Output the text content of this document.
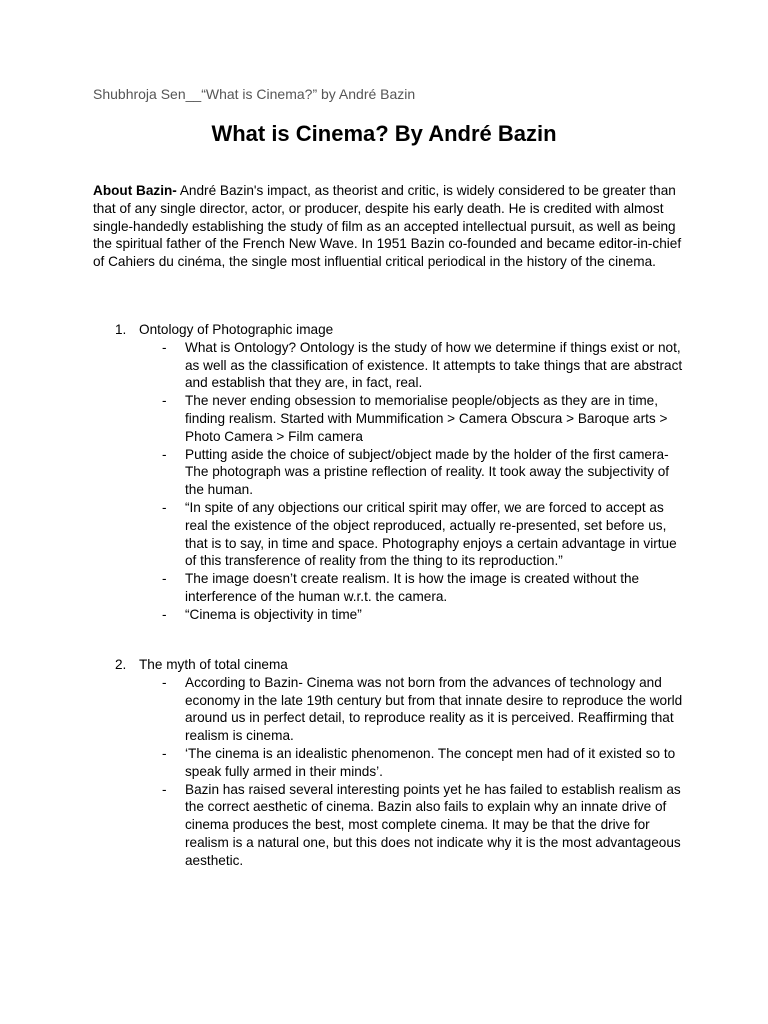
Shubhroja Sen__“What is Cinema?” by André Bazin
What is Cinema? By André Bazin
About Bazin- André Bazin's impact, as theorist and critic, is widely considered to be greater than that of any single director, actor, or producer, despite his early death. He is credited with almost single-handedly establishing the study of film as an accepted intellectual pursuit, as well as being the spiritual father of the French New Wave. In 1951 Bazin co-founded and became editor-in-chief of Cahiers du cinéma, the single most influential critical periodical in the history of the cinema.
1. Ontology of Photographic image
- What is Ontology? Ontology is the study of how we determine if things exist or not, as well as the classification of existence. It attempts to take things that are abstract and establish that they are, in fact, real.
- The never ending obsession to memorialise people/objects as they are in time, finding realism. Started with Mummification > Camera Obscura > Baroque arts > Photo Camera > Film camera
- Putting aside the choice of subject/object made by the holder of the first camera- The photograph was a pristine reflection of reality. It took away the subjectivity of the human.
- “In spite of any objections our critical spirit may offer, we are forced to accept as real the existence of the object reproduced, actually re-presented, set before us, that is to say, in time and space. Photography enjoys a certain advantage in virtue of this transference of reality from the thing to its reproduction.”
- The image doesn’t create realism. It is how the image is created without the interference of the human w.r.t. the camera.
- “Cinema is objectivity in time”
2. The myth of total cinema
- According to Bazin- Cinema was not born from the advances of technology and economy in the late 19th century but from that innate desire to reproduce the world around us in perfect detail, to reproduce reality as it is perceived. Reaffirming that realism is cinema.
- ‘The cinema is an idealistic phenomenon. The concept men had of it existed so to speak fully armed in their minds’.
- Bazin has raised several interesting points yet he has failed to establish realism as the correct aesthetic of cinema. Bazin also fails to explain why an innate drive of cinema produces the best, most complete cinema. It may be that the drive for realism is a natural one, but this does not indicate why it is the most advantageous aesthetic.
